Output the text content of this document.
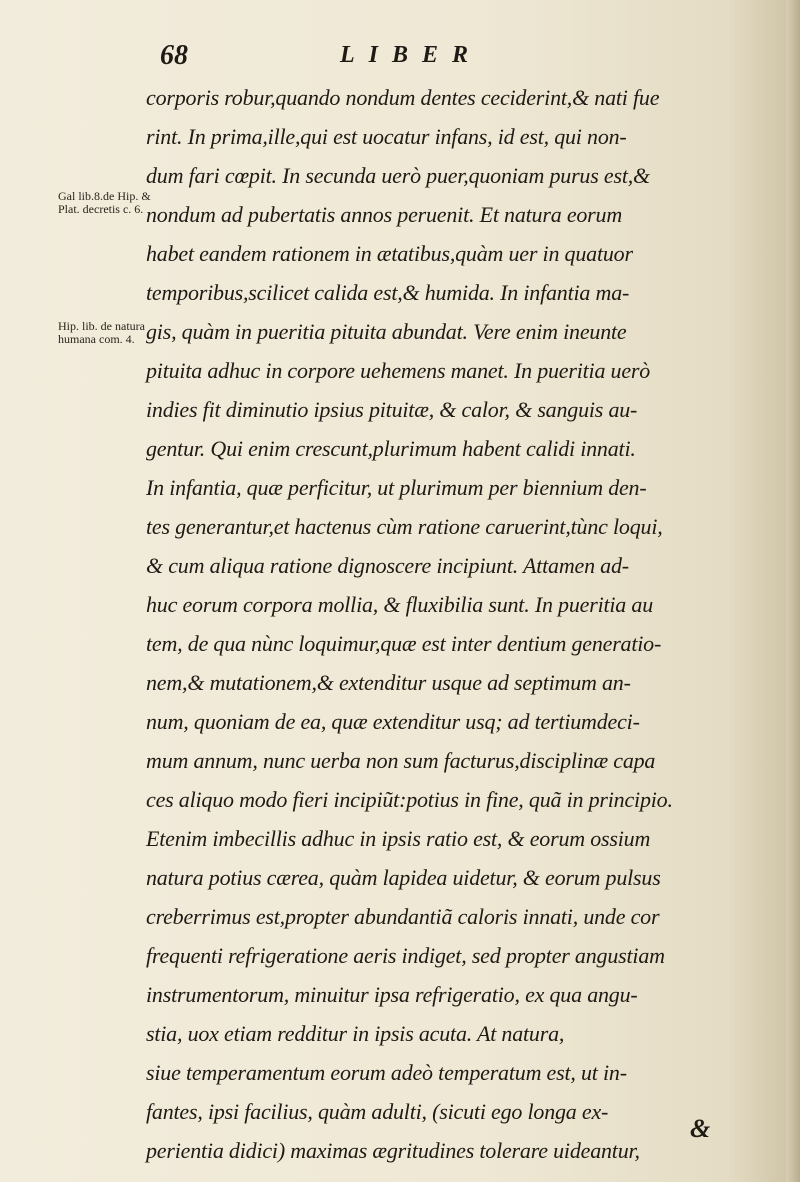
68	LIBER
Gal lib.8.de Hip. & Plat. decretis c. 6.
Hip. lib. de natura humana com. 4.
corporis robur,quando nondum dentes ceciderint,& nati fue
rint. In prima,ille,qui est uocatur infans, id est, qui non-
dum fari cœpit. In secunda uerò puer,quoniam purus est,&
nondum ad pubertatis annos peruenit. Et natura eorum
habet eandem rationem in ætatibus,quàm uer in quatuor
temporibus,scilicet calida est,& humida. In infantia ma-
gis, quàm in pueritia pituita abundat. Vere enim ineunte
pituita adhuc in corpore uehemens manet. In pueritia uerò
indies fit diminutio ipsius pituitæ, & calor, & sanguis au-
gentur. Qui enim crescunt,plurimum habent calidi innati.
In infantia, quæ perficitur, ut plurimum per biennium den-
tes generantur,et hactenus cùm ratione caruerint,tùnc loqui,
& cum aliqua ratione dignoscere incipiunt. Attamen ad-
huc eorum corpora mollia, & fluxibilia sunt. In pueritia au
tem, de qua nùnc loquimur,quæ est inter dentium generatio-
nem,& mutationem,& extenditur usque ad septimum an-
num, quoniam de ea, quæ extenditur usq; ad tertiumdeci-
mum annum, nunc uerba non sum facturus,disciplinæ capa
ces aliquo modo fieri incipiũt:potius in fine, quã in principio.
Etenim imbecillis adhuc in ipsis ratio est, & eorum ossium
natura potius cærea, quàm lapidea uidetur, & eorum pulsus
creberrimus est,propter abundantiã caloris innati, unde cor
frequenti refrigeratione aeris indiget, sed propter angustiam
instrumentorum, minuitur ipsa refrigeratio, ex qua angu-
stia, uox etiam redditur in ipsis acuta. At natura,
siue temperamentum eorum adeò temperatum est, ut in-
fantes, ipsi facilius, quàm adulti, (sicuti ego longa ex-
perientia didici) maximas ægritudines tolerare uideantur,
&
